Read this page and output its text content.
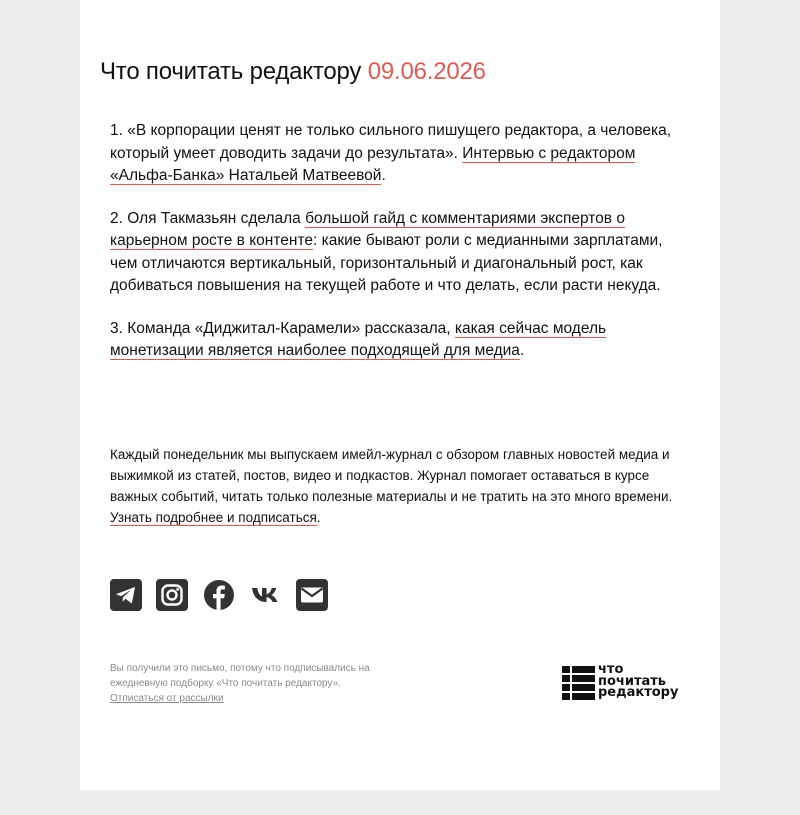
Что почитать редактору 09.06.2026

1. «В корпорации ценят не только сильного пишущего редактора, а человека, который умеет доводить задачи до результата». Интервью с редактором «Альфа-Банка» Натальей Матвеевой.

2. Оля Такмазьян сделала большой гайд с комментариями экспертов о карьерном росте в контенте: какие бывают роли с медианными зарплатами, чем отличаются вертикальный, горизонтальный и диагональный рост, как добиваться повышения на текущей работе и что делать, если расти некуда.

3. Команда «Диджитал-Карамели» рассказала, какая сейчас модель монетизации является наиболее подходящей для медиа.

Каждый понедельник мы выпускаем имейл-журнал с обзором главных новостей медиа и выжимкой из статей, постов, видео и подкастов. Журнал помогает оставаться в курсе важных событий, читать только полезные материалы и не тратить на это много времени. Узнать подробнее и подписаться.

Вы получили это письмо, потому что подписывались на ежедневную подборку «Что почитать редактору».
Отписаться от рассылки

что
почитать
редактору
